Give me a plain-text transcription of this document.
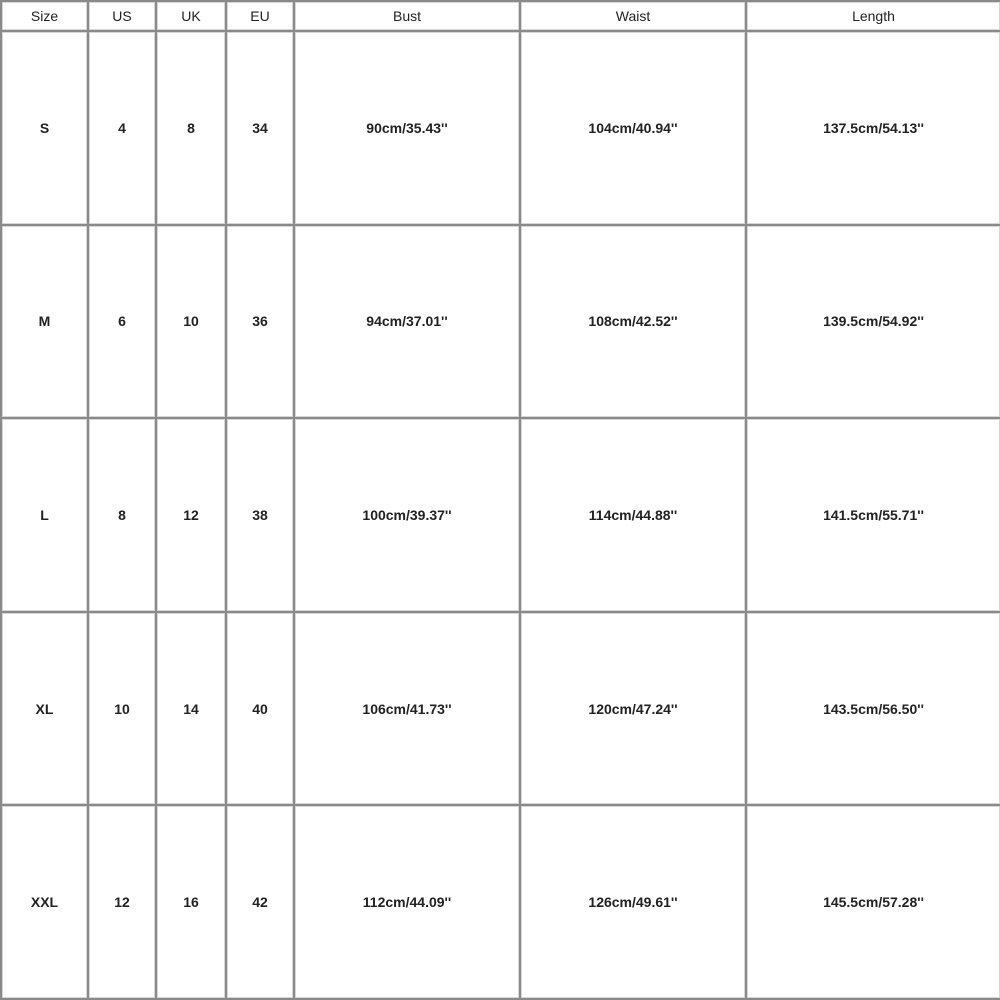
Size	US	UK	EU	Bust	Waist	Length
S	4	8	34	90cm/35.43''	104cm/40.94''	137.5cm/54.13''
M	6	10	36	94cm/37.01''	108cm/42.52''	139.5cm/54.92''
L	8	12	38	100cm/39.37''	114cm/44.88''	141.5cm/55.71''
XL	10	14	40	106cm/41.73''	120cm/47.24''	143.5cm/56.50''
XXL	12	16	42	112cm/44.09''	126cm/49.61''	145.5cm/57.28''
